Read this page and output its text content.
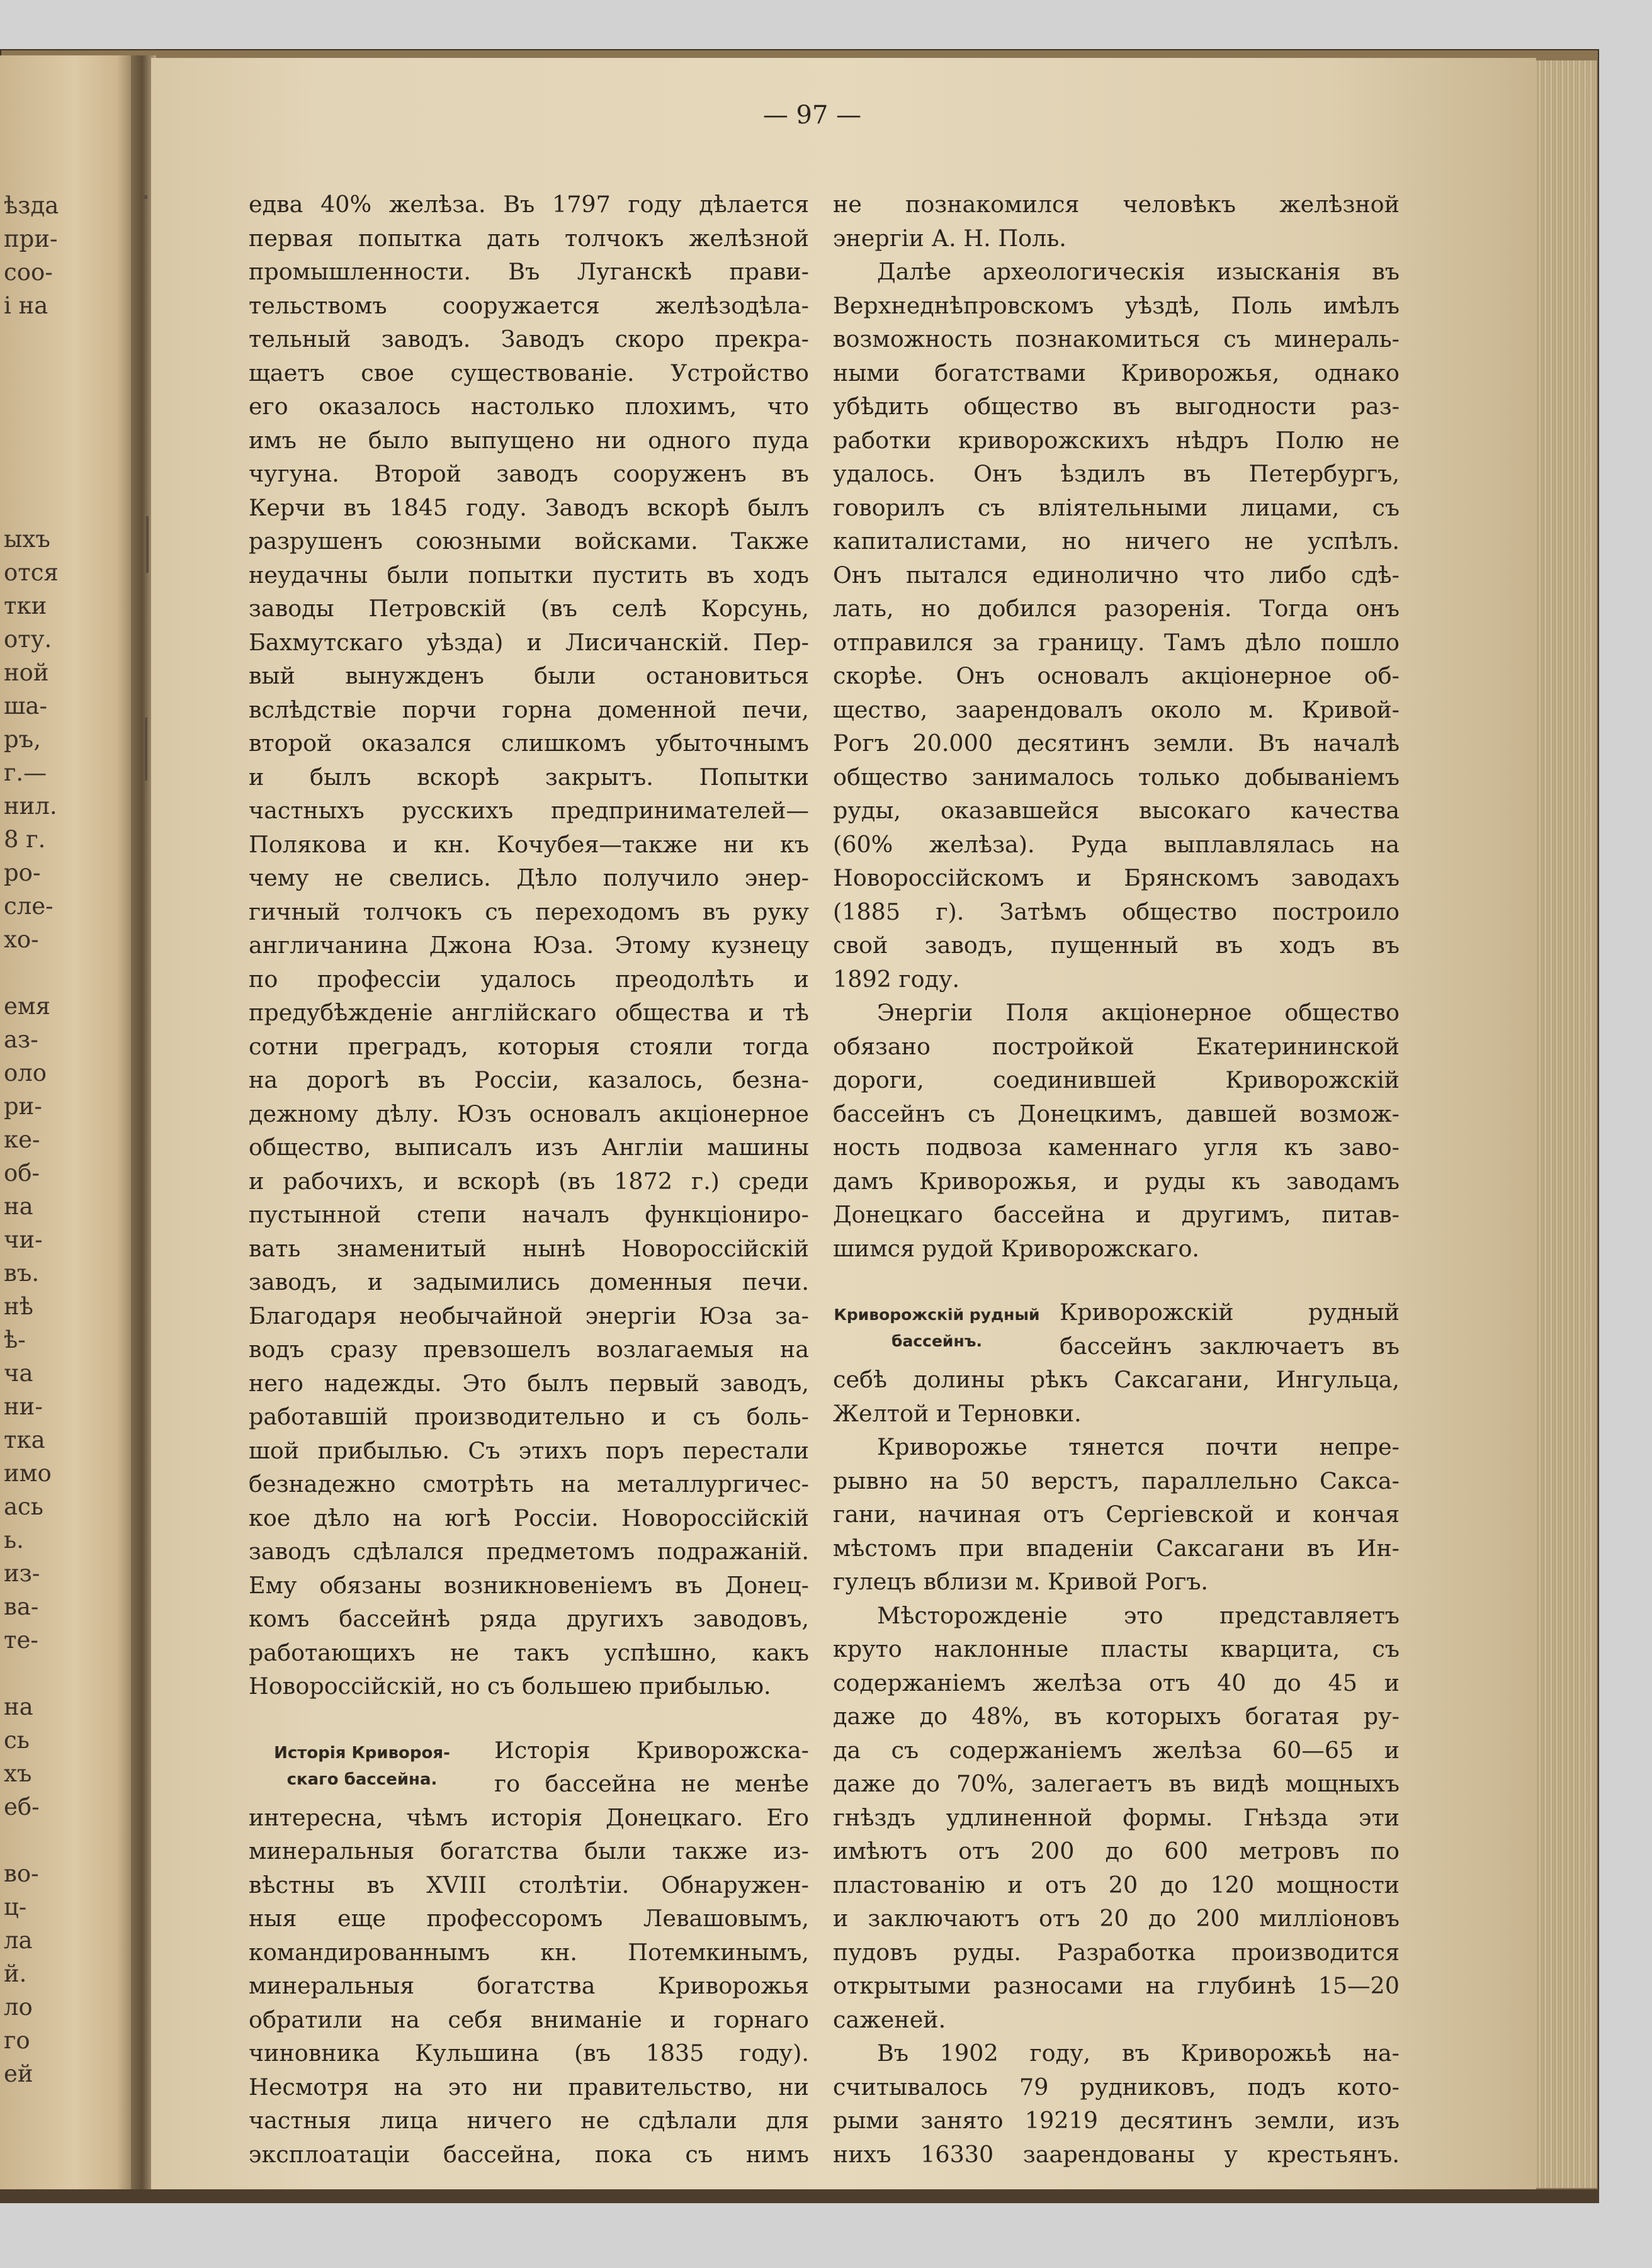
ѣзда
при-
соо-
і на
ыхъ
отся
тки
оту.
ной
ша-
ръ,
г.—
нил.
8 г.
ро-
сле-
хо-
емя
аз-
оло
ри-
ке-
об-
на
чи-
въ.
нѣ
ѣ-
ча
ни-
тка
имо
ась
ь.
из-
ва-
те-
на
сь
хъ
еб-
во-
ц-
ла
й.
ло
го
ей
— 97 —
едва 40% желѣза. Въ 1797 году дѣлается
первая попытка дать толчокъ желѣзной
промышленности. Въ Луганскѣ прави-
тельствомъ сооружается желѣзодѣла-
тельный заводъ. Заводъ скоро прекра-
щаетъ свое существованіе. Устройство
его оказалось настолько плохимъ, что
имъ не было выпущено ни одного пуда
чугуна. Второй заводъ сооруженъ въ
Керчи въ 1845 году. Заводъ вскорѣ былъ
разрушенъ союзными войсками. Также
неудачны были попытки пустить въ ходъ
заводы Петровскій (въ селѣ Корсунь,
Бахмутскаго уѣзда) и Лисичанскій. Пер-
вый вынужденъ были остановиться
вслѣдствіе порчи горна доменной печи,
второй оказался слишкомъ убыточнымъ
и былъ вскорѣ закрытъ. Попытки
частныхъ русскихъ предпринимателей—
Полякова и кн. Кочубея—также ни къ
чему не свелись. Дѣло получило энер-
гичный толчокъ съ переходомъ въ руку
англичанина Джона Юза. Этому кузнецу
по профессіи удалось преодолѣть и
предубѣжденіе англійскаго общества и тѣ
сотни преградъ, которыя стояли тогда
на дорогѣ въ Россіи, казалось, безна-
дежному дѣлу. Юзъ основалъ акціонерное
общество, выписалъ изъ Англіи машины
и рабочихъ, и вскорѣ (въ 1872 г.) среди
пустынной степи началъ функціониро-
вать знаменитый нынѣ Новороссійскій
заводъ, и задымились доменныя печи.
Благодаря необычайной энергіи Юза за-
водъ сразу превзошелъ возлагаемыя на
него надежды. Это былъ первый заводъ,
работавшій производительно и съ боль-
шой прибылью. Съ этихъ поръ перестали
безнадежно смотрѣть на металлургичес-
кое дѣло на югѣ Россіи. Новороссійскій
заводъ сдѣлался предметомъ подражаній.
Ему обязаны возникновеніемъ въ Донец-
комъ бассейнѣ ряда другихъ заводовъ,
работающихъ не такъ успѣшно, какъ
Новороссійскій, но съ большею прибылью.
Исторія Кривороя-скаго бассейна.
Исторія Криворожска-
го бассейна не менѣе
интересна, чѣмъ исторія Донецкаго. Его
минеральныя богатства были также из-
вѣстны въ XVIII столѣтіи. Обнаружен-
ныя еще профессоромъ Левашовымъ,
командированнымъ кн. Потемкинымъ,
минеральныя богатства Криворожья
обратили на себя вниманіе и горнаго
чиновника Кульшина (въ 1835 году).
Несмотря на это ни правительство, ни
частныя лица ничего не сдѣлали для
эксплоатаціи бассейна, пока съ нимъ
не познакомился человѣкъ желѣзной
энергіи А. Н. Поль.
Далѣе археологическія изысканія въ
Верхнеднѣпровскомъ уѣздѣ, Поль имѣлъ
возможность познакомиться съ минераль-
ными богатствами Криворожья, однако
убѣдить общество въ выгодности раз-
работки криворожскихъ нѣдръ Полю не
удалось. Онъ ѣздилъ въ Петербургъ,
говорилъ съ вліятельными лицами, съ
капиталистами, но ничего не успѣлъ.
Онъ пытался единолично что либо сдѣ-
лать, но добился разоренія. Тогда онъ
отправился за границу. Тамъ дѣло пошло
скорѣе. Онъ основалъ акціонерное об-
щество, заарендовалъ около м. Кривой-
Рогъ 20.000 десятинъ земли. Въ началѣ
общество занималось только добываніемъ
руды, оказавшейся высокаго качества
(60% желѣза). Руда выплавлялась на
Новороссійскомъ и Брянскомъ заводахъ
(1885 г). Затѣмъ общество построило
свой заводъ, пущенный въ ходъ въ
1892 году.
Энергіи Поля акціонерное общество
обязано постройкой Екатерининской
дороги, соединившей Криворожскій
бассейнъ съ Донецкимъ, давшей возмож-
ность подвоза каменнаго угля къ заво-
дамъ Криворожья, и руды къ заводамъ
Донецкаго бассейна и другимъ, питав-
шимся рудой Криворожскаго.
Криворожскій рудный бассейнъ.
Криворожскій рудный
бассейнъ заключаетъ въ
себѣ долины рѣкъ Саксагани, Ингульца,
Желтой и Терновки.
Криворожье тянется почти непре-
рывно на 50 верстъ, параллельно Сакса-
гани, начиная отъ Сергіевской и кончая
мѣстомъ при впаденіи Саксагани въ Ин-
гулецъ вблизи м. Кривой Рогъ.
Мѣсторожденіе это представляетъ
круто наклонные пласты кварцита, съ
содержаніемъ желѣза отъ 40 до 45 и
даже до 48%, въ которыхъ богатая ру-
да съ содержаніемъ желѣза 60—65 и
даже до 70%, залегаетъ въ видѣ мощныхъ
гнѣздъ удлиненной формы. Гнѣзда эти
имѣютъ отъ 200 до 600 метровъ по
пластованію и отъ 20 до 120 мощности
и заключаютъ отъ 20 до 200 милліоновъ
пудовъ руды. Разработка производится
открытыми разносами на глубинѣ 15—20
саженей.
Въ 1902 году, въ Криворожьѣ на-
считывалось 79 рудниковъ, подъ кото-
рыми занято 19219 десятинъ земли, изъ
нихъ 16330 заарендованы у крестьянъ.
